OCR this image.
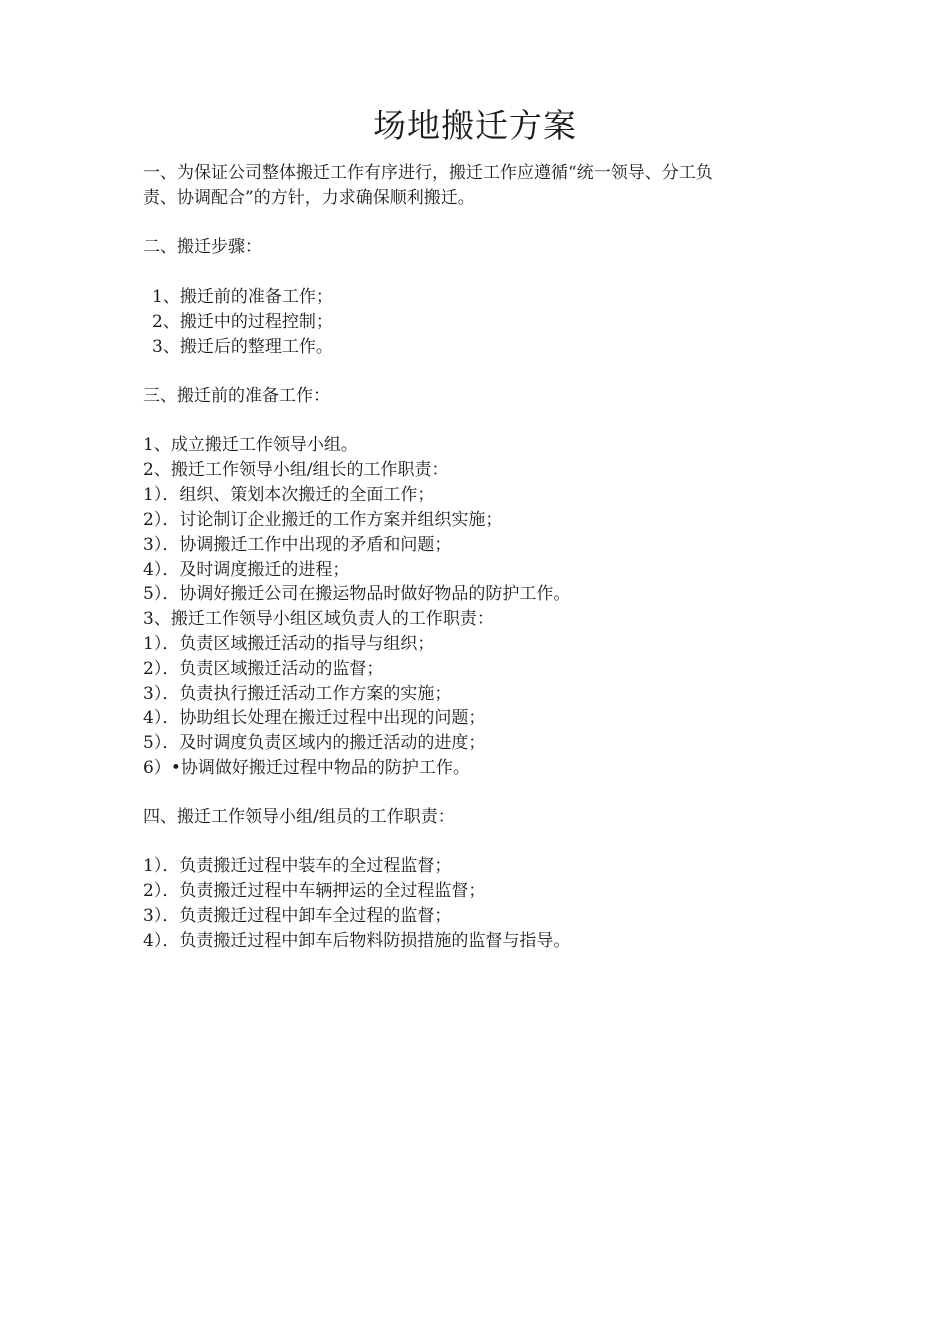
场地搬迁方案
一、为保证公司整体搬迁工作有序进行，搬迁工作应遵循“统一领导、分工负
责、协调配合”的方针，力求确保顺利搬迁。
二、搬迁步骤：
1、搬迁前的准备工作；
2、搬迁中的过程控制；
3、搬迁后的整理工作。
三、搬迁前的准备工作：
1、成立搬迁工作领导小组。
2、搬迁工作领导小组/组长的工作职责：
1）．组织、策划本次搬迁的全面工作；
2）．讨论制订企业搬迁的工作方案并组织实施；
3）．协调搬迁工作中出现的矛盾和问题；
4）．及时调度搬迁的进程；
5）．协调好搬迁公司在搬运物品时做好物品的防护工作。
3、搬迁工作领导小组区域负责人的工作职责：
1）．负责区域搬迁活动的指导与组织；
2）．负责区域搬迁活动的监督；
3）．负责执行搬迁活动工作方案的实施；
4）．协助组长处理在搬迁过程中出现的问题；
5）．及时调度负责区域内的搬迁活动的进度；
6）•协调做好搬迁过程中物品的防护工作。
四、搬迁工作领导小组/组员的工作职责：
1）．负责搬迁过程中装车的全过程监督；
2）．负责搬迁过程中车辆押运的全过程监督；
3）．负责搬迁过程中卸车全过程的监督；
4）．负责搬迁过程中卸车后物料防损措施的监督与指导。
